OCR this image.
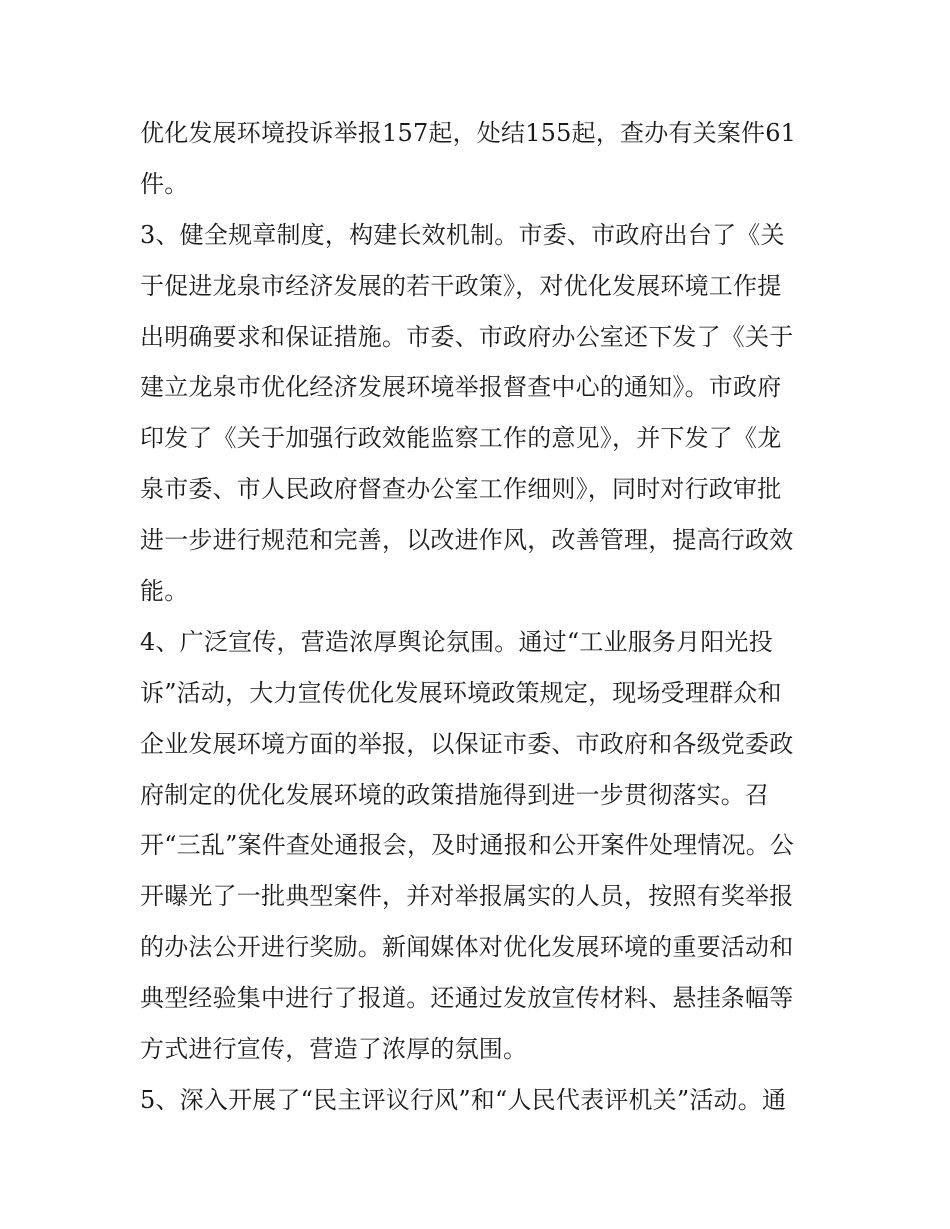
优化发展环境投诉举报157起，处结155起，查办有关案件61
件。
3、健全规章制度，构建长效机制。市委、市政府出台了《关
于促进龙泉市经济发展的若干政策》，对优化发展环境工作提
出明确要求和保证措施。市委、市政府办公室还下发了《关于
建立龙泉市优化经济发展环境举报督查中心的通知》。市政府
印发了《关于加强行政效能监察工作的意见》，并下发了《龙
泉市委、市人民政府督查办公室工作细则》，同时对行政审批
进一步进行规范和完善，以改进作风，改善管理，提高行政效
能。
4、广泛宣传，营造浓厚舆论氛围。通过“工业服务月阳光投
诉”活动，大力宣传优化发展环境政策规定，现场受理群众和
企业发展环境方面的举报，以保证市委、市政府和各级党委政
府制定的优化发展环境的政策措施得到进一步贯彻落实。召
开“三乱”案件查处通报会，及时通报和公开案件处理情况。公
开曝光了一批典型案件，并对举报属实的人员，按照有奖举报
的办法公开进行奖励。新闻媒体对优化发展环境的重要活动和
典型经验集中进行了报道。还通过发放宣传材料、悬挂条幅等
方式进行宣传，营造了浓厚的氛围。
5、深入开展了“民主评议行风”和“人民代表评机关”活动。通
